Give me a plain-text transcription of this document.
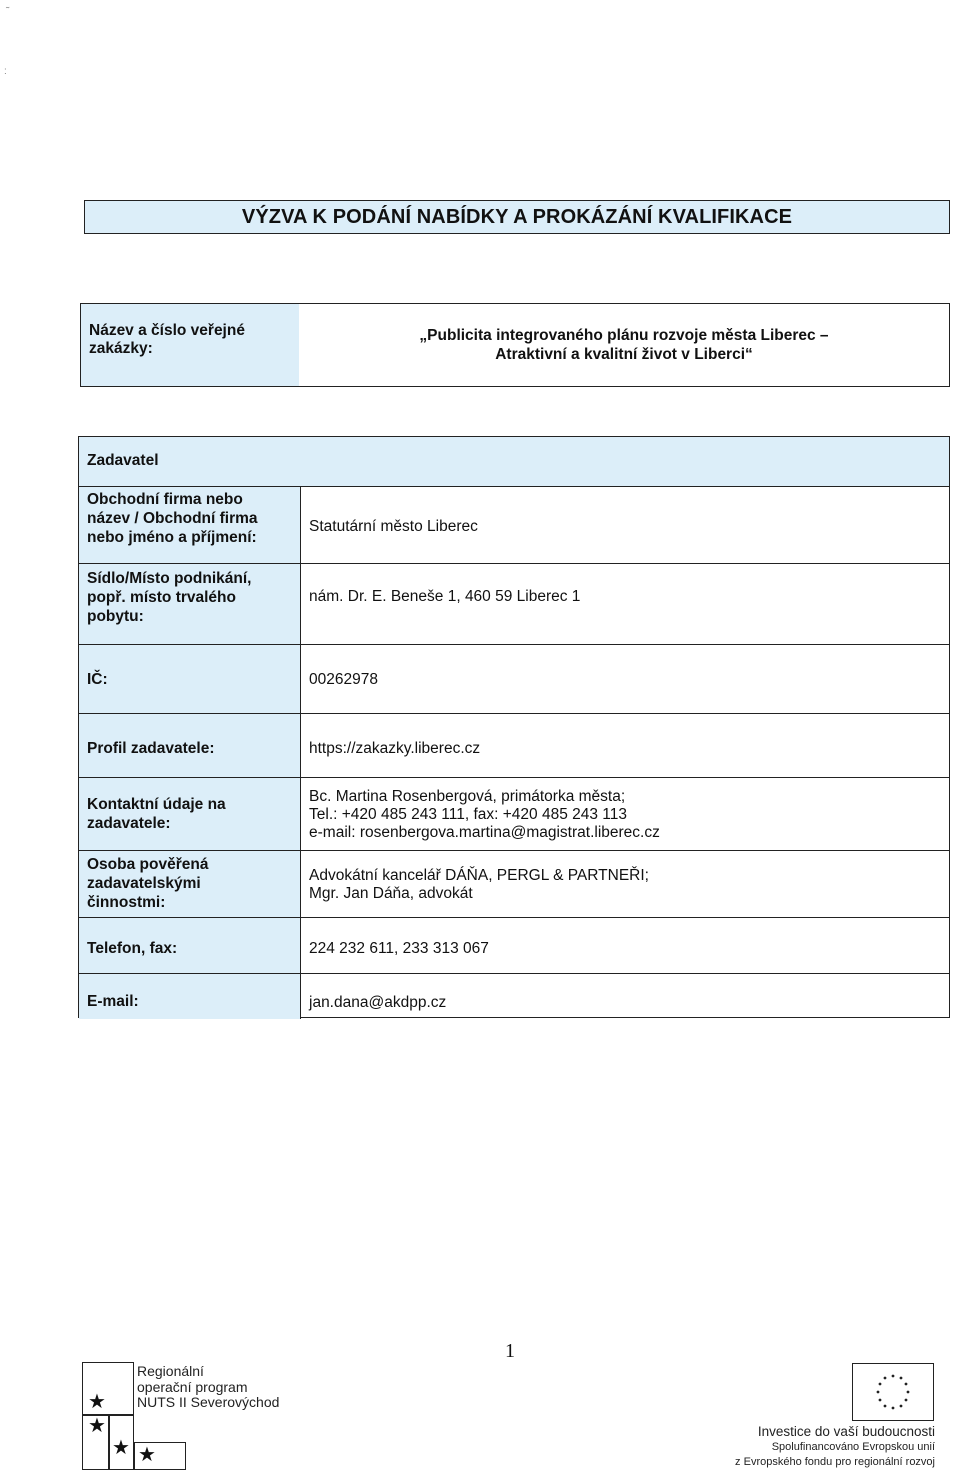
˜
:
VÝZVA K PODÁNÍ NABÍDKY A PROKÁZÁNÍ KVALIFIKACE
Název a číslo veřejné
zakázky:
„Publicita integrovaného plánu rozvoje města Liberec –
Atraktivní a kvalitní život v Liberci“
Zadavatel
Obchodní firma nebo
název / Obchodní firma
nebo jméno a příjmení:
Statutární město Liberec
Sídlo/Místo podnikání,
popř. místo trvalého
pobytu:
nám. Dr. E. Beneše 1, 460 59 Liberec 1
IČ:	00262978
Profil zadavatele:	https://zakazky.liberec.cz
Kontaktní údaje na
zadavatele:
Bc. Martina Rosenbergová, primátorka města;
Tel.: +420 485 243 111, fax: +420 485 243 113
e-mail: rosenbergova.martina@magistrat.liberec.cz
Osoba pověřená
zadavatelskými
činnostmi:
Advokátní kancelář DÁŇA, PERGL & PARTNEŘI;
Mgr. Jan Dáňa, advokát
Telefon, fax:	224 232 611, 233 313 067
E-mail:	jan.dana@akdpp.cz
1
★
★
★ ★
Regionální
operační program
NUTS II Severovýchod
Investice do vaší budoucnosti
Spolufinancováno Evropskou unií
z Evropského fondu pro regionální rozvoj
